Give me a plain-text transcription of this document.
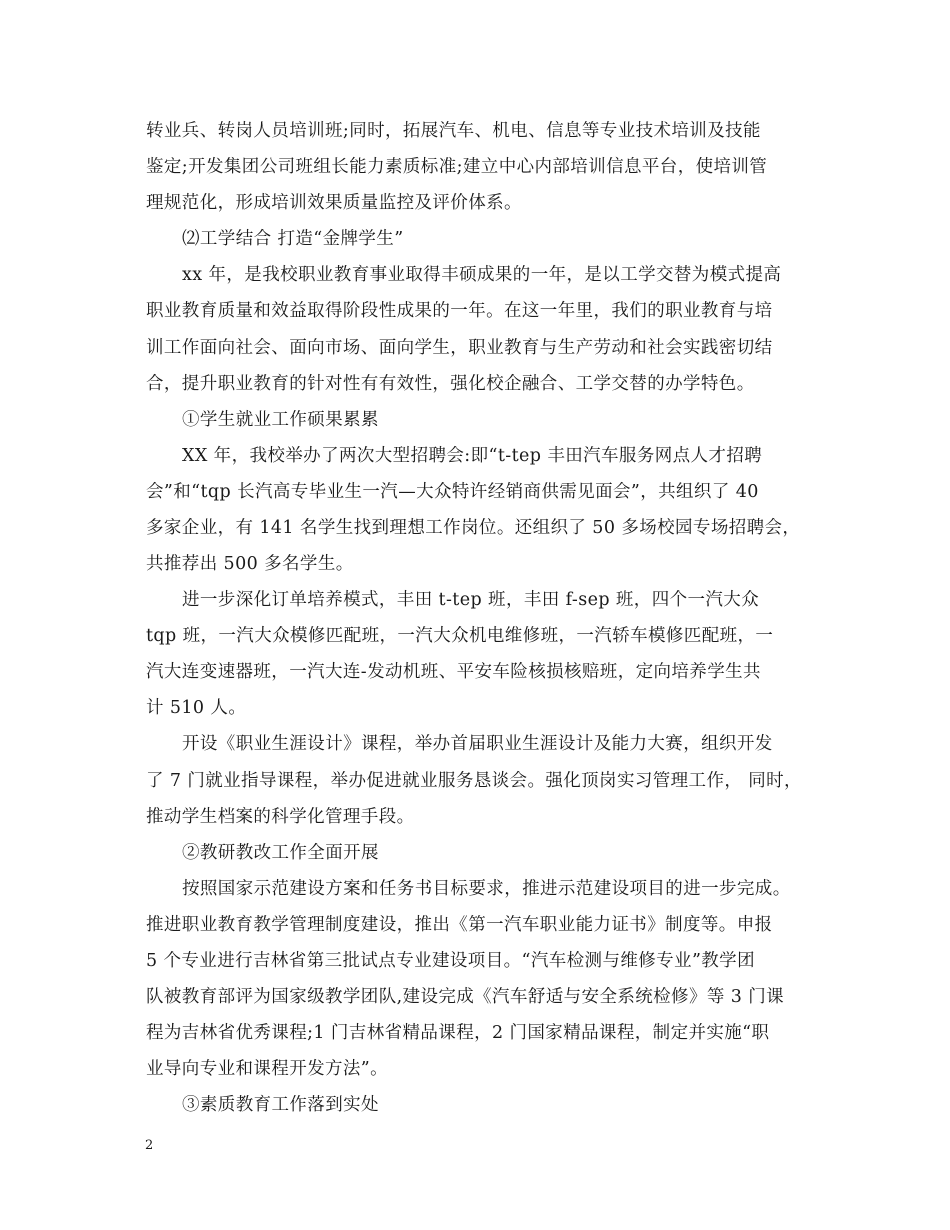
转业兵、转岗人员培训班;同时，拓展汽车、机电、信息等专业技术培训及技能
鉴定;开发集团公司班组长能力素质标准;建立中心内部培训信息平台，使培训管
理规范化，形成培训效果质量监控及评价体系。
⑵工学结合 打造“金牌学生”
xx 年，是我校职业教育事业取得丰硕成果的一年，是以工学交替为模式提高
职业教育质量和效益取得阶段性成果的一年。在这一年里，我们的职业教育与培
训工作面向社会、面向市场、面向学生，职业教育与生产劳动和社会实践密切结
合，提升职业教育的针对性有有效性，强化校企融合、工学交替的办学特色。
①学生就业工作硕果累累
XX 年，我校举办了两次大型招聘会:即“t-tep 丰田汽车服务网点人才招聘
会”和“tqp 长汽高专毕业生一汽—大众特许经销商供需见面会”，共组织了 40
多家企业，有 141 名学生找到理想工作岗位。还组织了 50 多场校园专场招聘会，
共推荐出 500 多名学生。
进一步深化订单培养模式，丰田 t-tep 班，丰田 f-sep 班，四个一汽大众
tqp 班，一汽大众模修匹配班，一汽大众机电维修班，一汽轿车模修匹配班，一
汽大连变速器班，一汽大连-发动机班、平安车险核损核赔班，定向培养学生共
计 510 人。
开设《职业生涯设计》课程，举办首届职业生涯设计及能力大赛，组织开发
了 7 门就业指导课程，举办促进就业服务恳谈会。强化顶岗实习管理工作， 同时，
推动学生档案的科学化管理手段。
②教研教改工作全面开展
按照国家示范建设方案和任务书目标要求，推进示范建设项目的进一步完成。
推进职业教育教学管理制度建设，推出《第一汽车职业能力证书》制度等。申报
5 个专业进行吉林省第三批试点专业建设项目。“汽车检测与维修专业”教学团
队被教育部评为国家级教学团队,建设完成《汽车舒适与安全系统检修》等 3 门课
程为吉林省优秀课程;1 门吉林省精品课程，2 门国家精品课程，制定并实施“职
业导向专业和课程开发方法”。
③素质教育工作落到实处
2
